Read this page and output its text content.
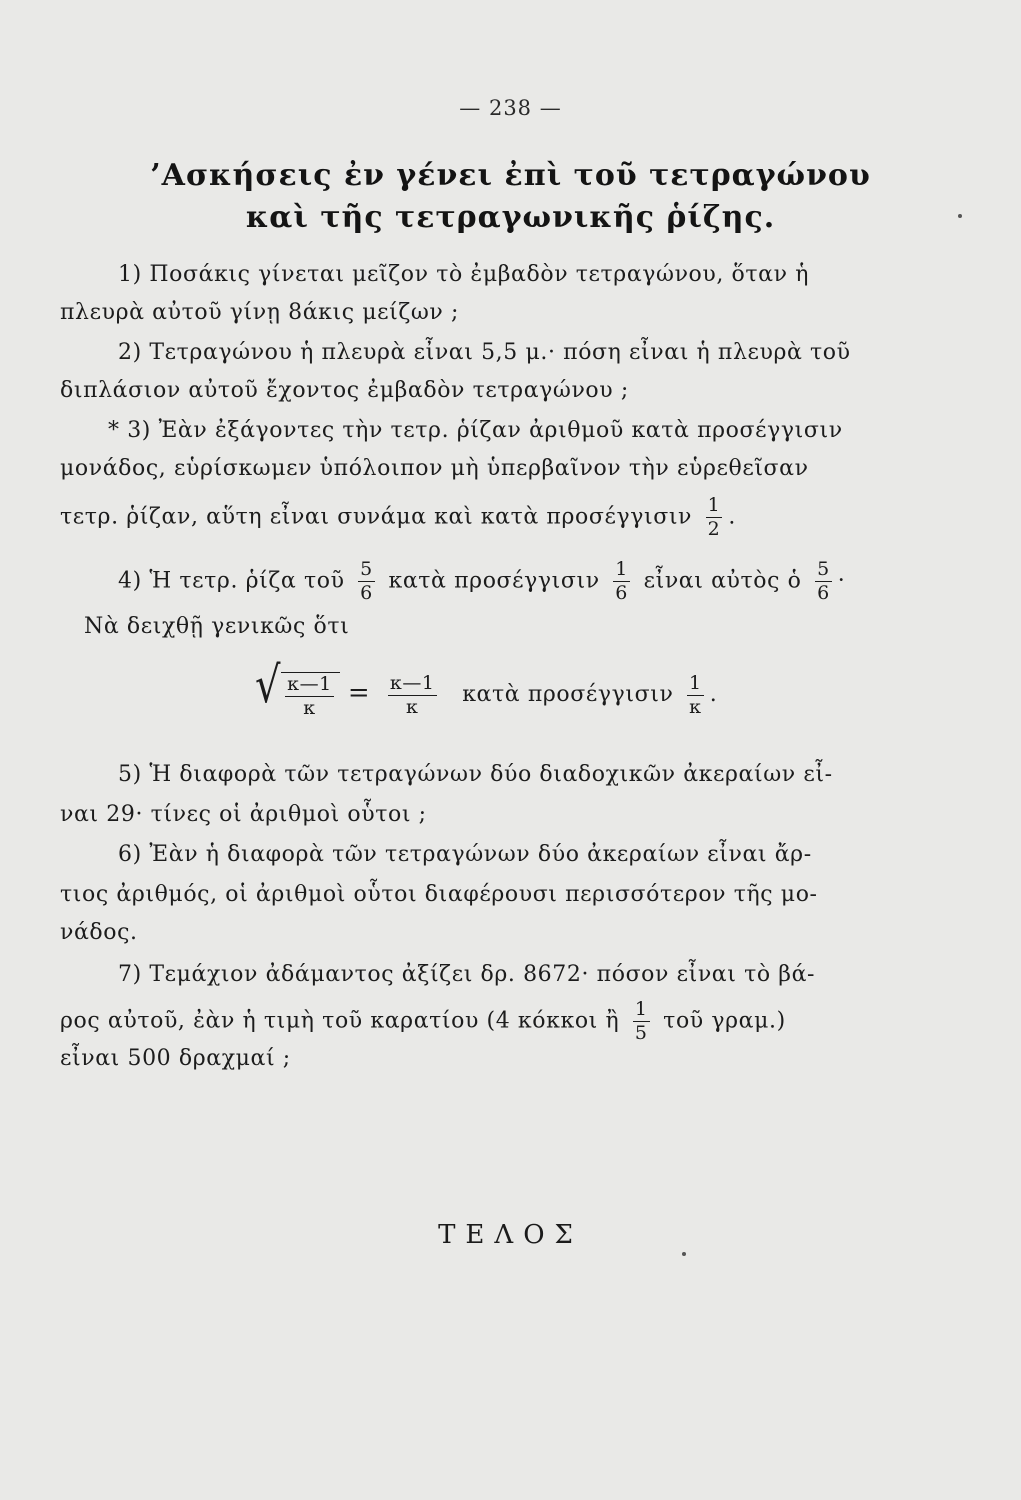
— 238 —
’Ασκήσεις ἐν γένει ἐπὶ τοῦ τετραγώνου
καὶ τῆς τετραγωνικῆς ῥίζης.
1) Ποσάκις γίνεται μεῖζον τὸ ἐμβαδὸν τετραγώνου, ὅταν ἡ
πλευρὰ αὐτοῦ γίνῃ 8άκις μείζων ;
2) Τετραγώνου ἡ πλευρὰ εἶναι 5,5 μ.· πόση εἶναι ἡ πλευρὰ τοῦ
διπλάσιον αὐτοῦ ἔχοντος ἐμβαδὸν τετραγώνου ;
* 3) Ἐὰν ἐξάγοντες τὴν τετρ. ῥίζαν ἀριθμοῦ κατὰ προσέγγισιν
μονάδος, εὑρίσκωμεν ὑπόλοιπον μὴ ὑπερβαῖνον τὴν εὑρεθεῖσαν
τετρ. ῥίζαν, αὕτη εἶναι συνάμα καὶ κατὰ προσέγγισιν $\frac{1}{2}$ .
4) Ἡ τετρ. ῥίζα τοῦ $\frac{5}{6}$ κατὰ προσέγγισιν $\frac{1}{6}$ εἶναι αὐτὸς ὁ $\frac{5}{6}$ ·
Νὰ δειχθῇ γενικῶς ὅτι
√ $\frac{\kappa—1}{\kappa} = \frac{\kappa—1}{\kappa}$ κατὰ προσέγγισιν $\frac{1}{\kappa}$ .
5) Ἡ διαφορὰ τῶν τετραγώνων δύο διαδοχικῶν ἀκεραίων εἶ-
ναι 29· τίνες οἱ ἀριθμοὶ οὗτοι ;
6) Ἐὰν ἡ διαφορὰ τῶν τετραγώνων δύο ἀκεραίων εἶναι ἄρ-
τιος ἀριθμός, οἱ ἀριθμοὶ οὗτοι διαφέρουσι περισσότερον τῆς μο-
νάδος.
7) Τεμάχιον ἀδάμαντος ἀξίζει δρ. 8672· πόσον εἶναι τὸ βά-
ρος αὐτοῦ, ἐὰν ἡ τιμὴ τοῦ καρατίου (4 κόκκοι ἢ $\frac{1}{5}$ τοῦ γραμ.)
εἶναι 500 δραχμαί ;
ΤΕΛΟΣ
